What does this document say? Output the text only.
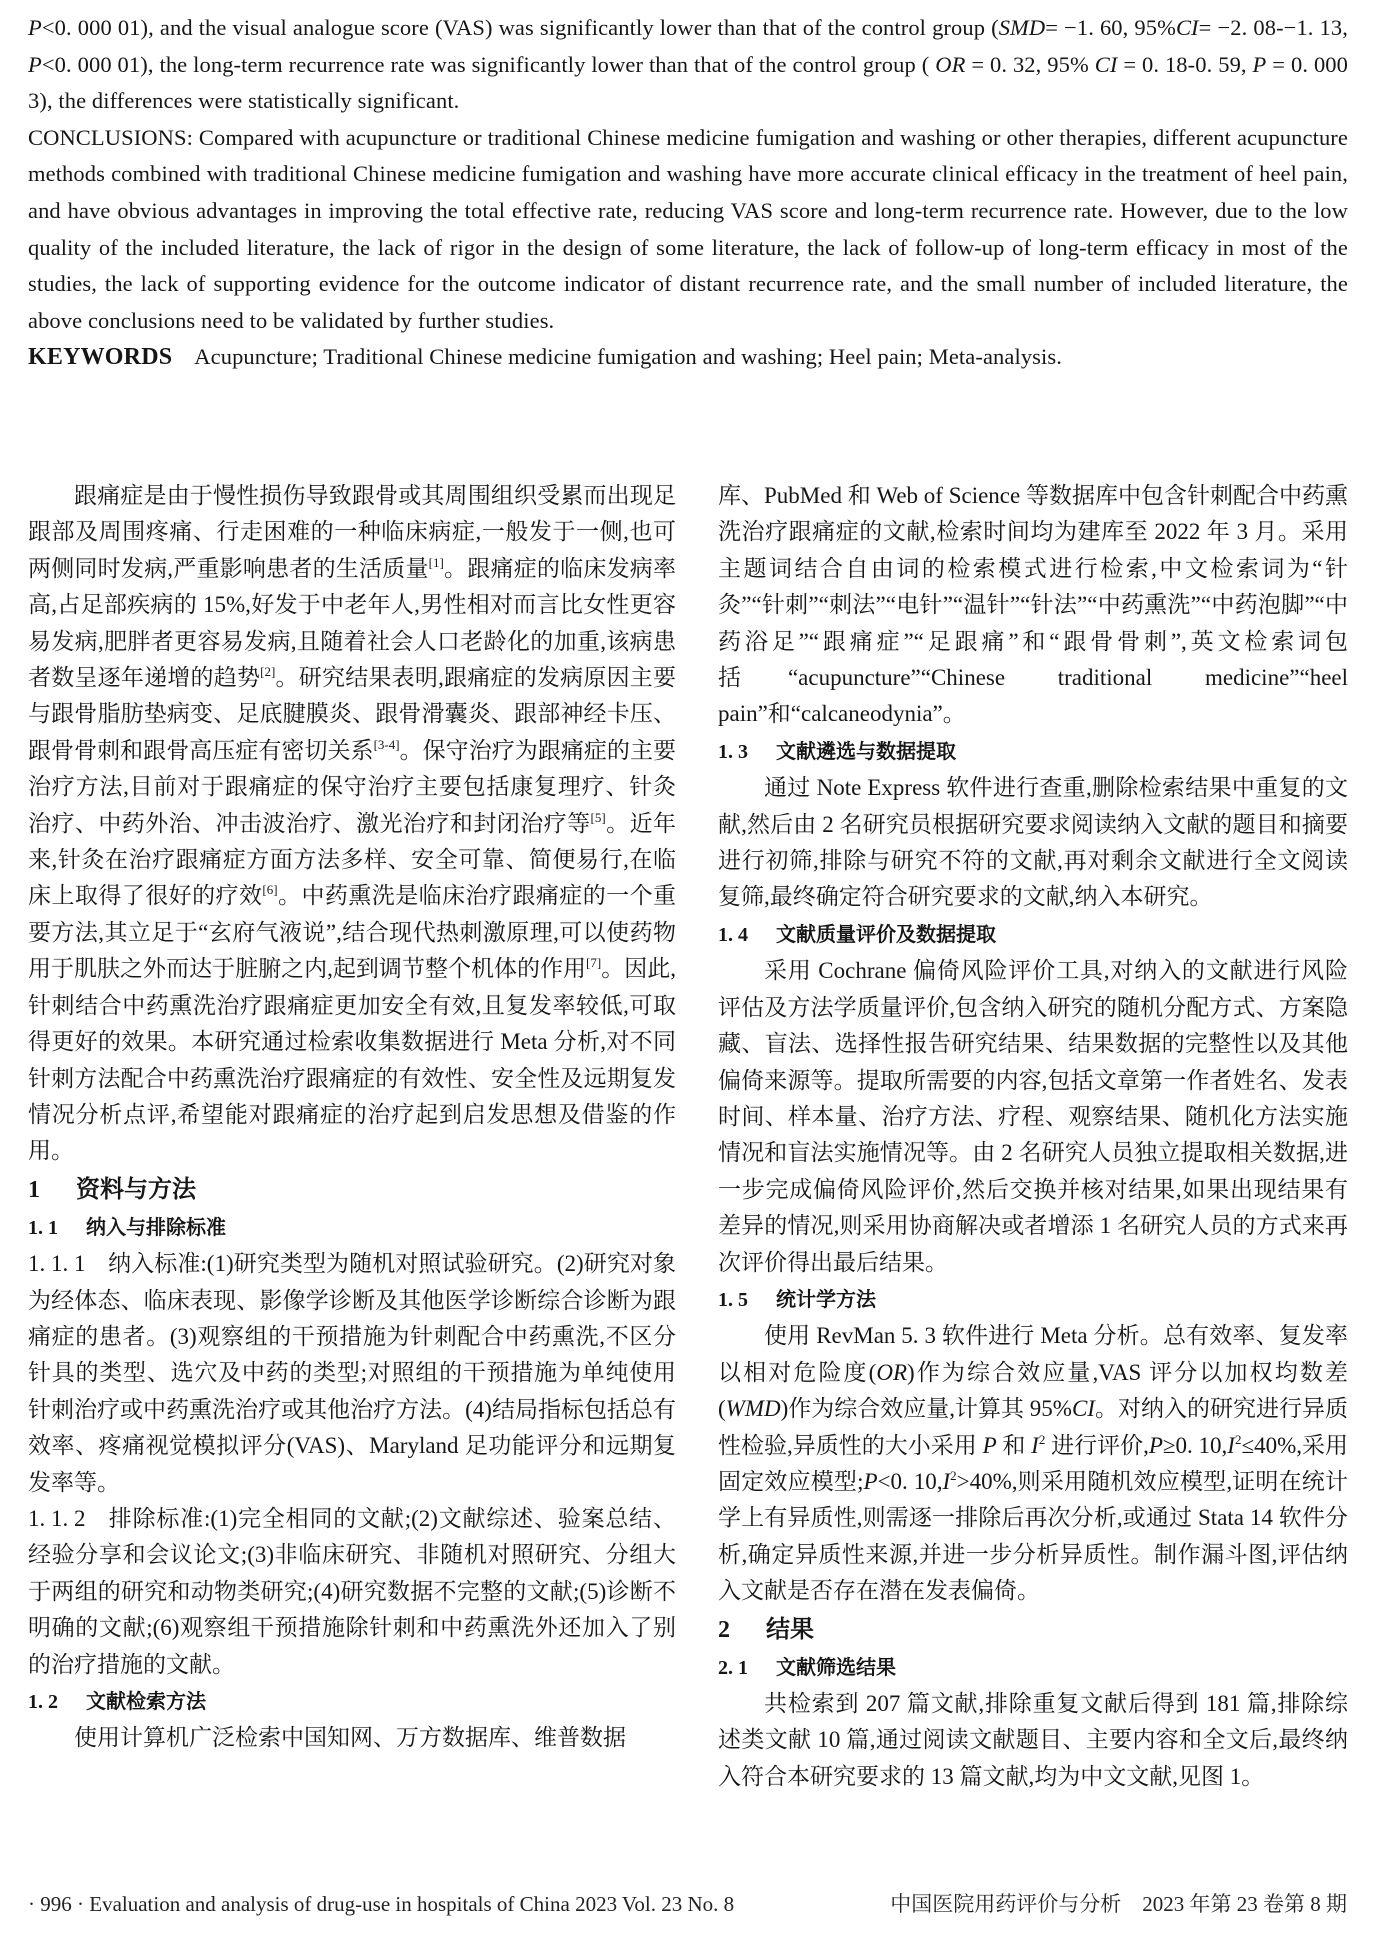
P<0. 000 01), and the visual analogue score (VAS) was significantly lower than that of the control group (SMD= −1. 60, 95%CI= −2. 08-−1. 13, P<0. 000 01), the long-term recurrence rate was significantly lower than that of the control group ( OR = 0. 32, 95% CI = 0. 18-0. 59, P = 0. 000 3), the differences were statistically significant.
CONCLUSIONS: Compared with acupuncture or traditional Chinese medicine fumigation and washing or other therapies, different acupuncture methods combined with traditional Chinese medicine fumigation and washing have more accurate clinical efficacy in the treatment of heel pain, and have obvious advantages in improving the total effective rate, reducing VAS score and long-term recurrence rate. However, due to the low quality of the included literature, the lack of rigor in the design of some literature, the lack of follow-up of long-term efficacy in most of the studies, the lack of supporting evidence for the outcome indicator of distant recurrence rate, and the small number of included literature, the above conclusions need to be validated by further studies.
KEYWORDS Acupuncture; Traditional Chinese medicine fumigation and washing; Heel pain; Meta-analysis.

跟痛症是由于慢性损伤导致跟骨或其周围组织受累而出现足跟部及周围疼痛、行走困难的一种临床病症,一般发于一侧,也可两侧同时发病,严重影响患者的生活质量[1]。跟痛症的临床发病率高,占足部疾病的 15%,好发于中老年人,男性相对而言比女性更容易发病,肥胖者更容易发病,且随着社会人口老龄化的加重,该病患者数呈逐年递增的趋势[2]。研究结果表明,跟痛症的发病原因主要与跟骨脂肪垫病变、足底腱膜炎、跟骨滑囊炎、跟部神经卡压、跟骨骨刺和跟骨高压症有密切关系[3-4]。保守治疗为跟痛症的主要治疗方法,目前对于跟痛症的保守治疗主要包括康复理疗、针灸治疗、中药外治、冲击波治疗、激光治疗和封闭治疗等[5]。近年来,针灸在治疗跟痛症方面方法多样、安全可靠、简便易行,在临床上取得了很好的疗效[6]。中药熏洗是临床治疗跟痛症的一个重要方法,其立足于“玄府气液说”,结合现代热刺激原理,可以使药物用于肌肤之外而达于脏腑之内,起到调节整个机体的作用[7]。因此,针刺结合中药熏洗治疗跟痛症更加安全有效,且复发率较低,可取得更好的效果。本研究通过检索收集数据进行 Meta 分析,对不同针刺方法配合中药熏洗治疗跟痛症的有效性、安全性及远期复发情况分析点评,希望能对跟痛症的治疗起到启发思想及借鉴的作用。

1 资料与方法

1. 1 纳入与排除标准

1. 1. 1 纳入标准:(1)研究类型为随机对照试验研究。(2)研究对象为经体态、临床表现、影像学诊断及其他医学诊断综合诊断为跟痛症的患者。(3)观察组的干预措施为针刺配合中药熏洗,不区分针具的类型、选穴及中药的类型;对照组的干预措施为单纯使用针刺治疗或中药熏洗治疗或其他治疗方法。(4)结局指标包括总有效率、疼痛视觉模拟评分(VAS)、Maryland 足功能评分和远期复发率等。

1. 1. 2 排除标准:(1)完全相同的文献;(2)文献综述、验案总结、经验分享和会议论文;(3)非临床研究、非随机对照研究、分组大于两组的研究和动物类研究;(4)研究数据不完整的文献;(5)诊断不明确的文献;(6)观察组干预措施除针刺和中药熏洗外还加入了别的治疗措施的文献。

1. 2 文献检索方法

使用计算机广泛检索中国知网、万方数据库、维普数据

库、PubMed 和 Web of Science 等数据库中包含针刺配合中药熏洗治疗跟痛症的文献,检索时间均为建库至 2022 年 3 月。采用主题词结合自由词的检索模式进行检索,中文检索词为“针灸”“针刺”“刺法”“电针”“温针”“针法”“中药熏洗”“中药泡脚”“中药浴足”“跟痛症”“足跟痛”和“跟骨骨刺”,英文检索词包括“acupuncture”“Chinese traditional medicine”“heel pain”和“calcaneodynia”。

1. 3 文献遴选与数据提取

通过 Note Express 软件进行查重,删除检索结果中重复的文献,然后由 2 名研究员根据研究要求阅读纳入文献的题目和摘要进行初筛,排除与研究不符的文献,再对剩余文献进行全文阅读复筛,最终确定符合研究要求的文献,纳入本研究。

1. 4 文献质量评价及数据提取

采用 Cochrane 偏倚风险评价工具,对纳入的文献进行风险评估及方法学质量评价,包含纳入研究的随机分配方式、方案隐藏、盲法、选择性报告研究结果、结果数据的完整性以及其他偏倚来源等。提取所需要的内容,包括文章第一作者姓名、发表时间、样本量、治疗方法、疗程、观察结果、随机化方法实施情况和盲法实施情况等。由 2 名研究人员独立提取相关数据,进一步完成偏倚风险评价,然后交换并核对结果,如果出现结果有差异的情况,则采用协商解决或者增添 1 名研究人员的方式来再次评价得出最后结果。

1. 5 统计学方法

使用 RevMan 5. 3 软件进行 Meta 分析。总有效率、复发率以相对危险度(OR)作为综合效应量,VAS 评分以加权均数差(WMD)作为综合效应量,计算其 95%CI。对纳入的研究进行异质性检验,异质性的大小采用 P 和 $I^2$ 进行评价,P≥0. $10,I^2\le 40\%$,采用固定效应模型;P<0. $10,I^2>40\%$,则采用随机效应模型,证明在统计学上有异质性,则需逐一排除后再次分析,或通过 Stata 14 软件分析,确定异质性来源,并进一步分析异质性。制作漏斗图,评估纳入文献是否存在潜在发表偏倚。

2 结果

2. 1 文献筛选结果

共检索到 207 篇文献,排除重复文献后得到 181 篇,排除综述类文献 10 篇,通过阅读文献题目、主要内容和全文后,最终纳入符合本研究要求的 13 篇文献,均为中文文献,见图 1。

· 996 · Evaluation and analysis of drug-use in hospitals of China 2023 Vol. 23 No. 8	中国医院用药评价与分析　2023 年第 23 卷第 8 期
